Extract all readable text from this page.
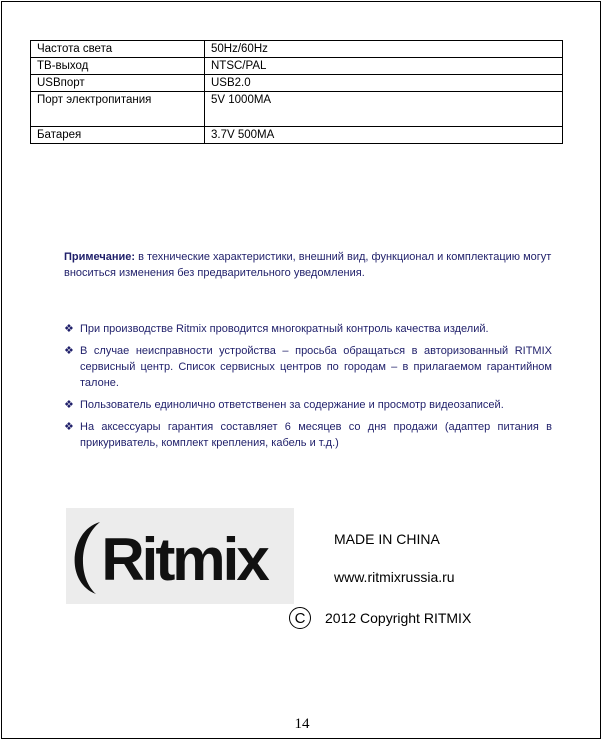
Частота света	50Hz/60Hz
ТВ-выход	NTSC/PAL
USBпорт	USB2.0
Порт электропитания	5V 1000MA
Батарея	3.7V 500MA
Примечание: в технические характеристики, внешний вид, функционал и комплектацию могут вноситься изменения без предварительного уведомления.
❖ При производстве Ritmix проводится многократный контроль качества изделий.
❖ В случае неисправности устройства – просьба обращаться в авторизованный RITMIX сервисный центр. Список сервисных центров по городам – в прилагаемом гарантийном талоне.
❖ Пользователь единолично ответственен за содержание и просмотр видеозаписей.
❖ На аксессуары гарантия составляет 6 месяцев со дня продажи (адаптер питания в прикуриватель, комплект крепления, кабель и т.д.)
Ritmix	MADE IN CHINA
www.ritmixrussia.ru
C	2012 Copyright RITMIX
14
